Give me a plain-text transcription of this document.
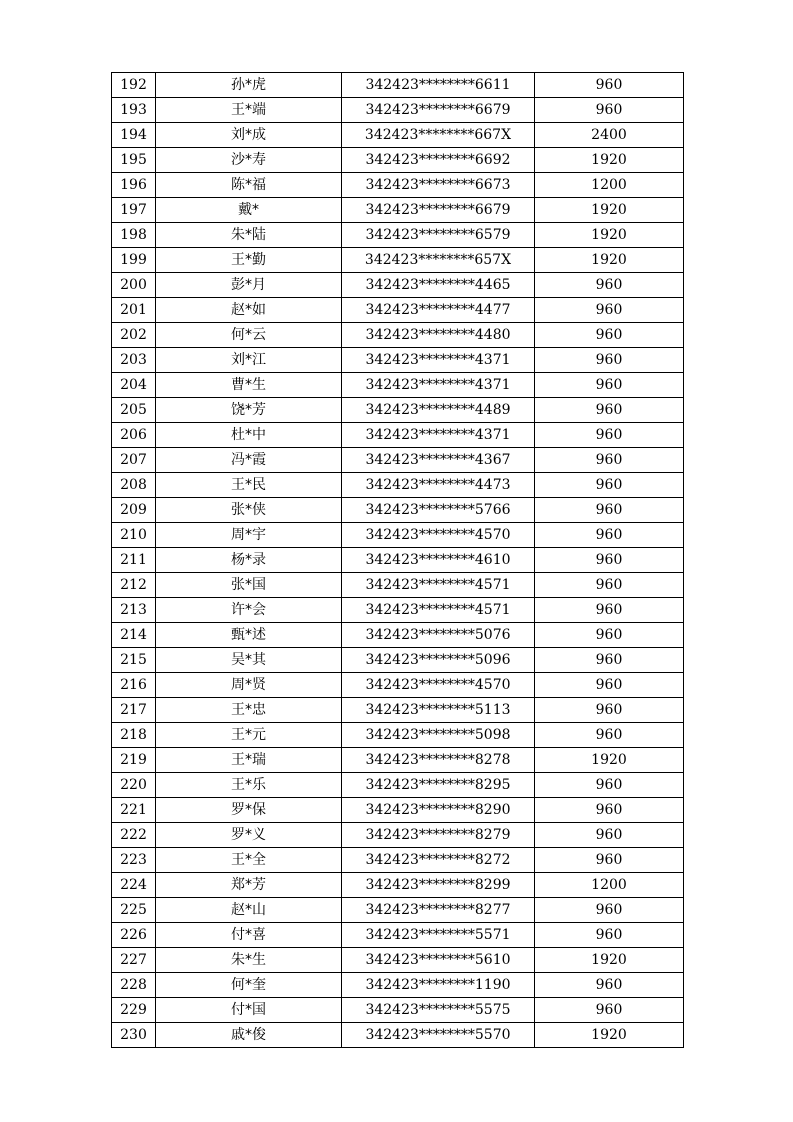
192	孙*虎	342423********6611	960
193	王*端	342423********6679	960
194	刘*成	342423********667X	2400
195	沙*寿	342423********6692	1920
196	陈*福	342423********6673	1200
197	戴*	342423********6679	1920
198	朱*陆	342423********6579	1920
199	王*勤	342423********657X	1920
200	彭*月	342423********4465	960
201	赵*如	342423********4477	960
202	何*云	342423********4480	960
203	刘*江	342423********4371	960
204	曹*生	342423********4371	960
205	饶*芳	342423********4489	960
206	杜*中	342423********4371	960
207	冯*霞	342423********4367	960
208	王*民	342423********4473	960
209	张*侠	342423********5766	960
210	周*宇	342423********4570	960
211	杨*录	342423********4610	960
212	张*国	342423********4571	960
213	许*会	342423********4571	960
214	甄*述	342423********5076	960
215	吴*其	342423********5096	960
216	周*贤	342423********4570	960
217	王*忠	342423********5113	960
218	王*元	342423********5098	960
219	王*瑞	342423********8278	1920
220	王*乐	342423********8295	960
221	罗*保	342423********8290	960
222	罗*义	342423********8279	960
223	王*全	342423********8272	960
224	郑*芳	342423********8299	1200
225	赵*山	342423********8277	960
226	付*喜	342423********5571	960
227	朱*生	342423********5610	1920
228	何*奎	342423********1190	960
229	付*国	342423********5575	960
230	戚*俊	342423********5570	1920
